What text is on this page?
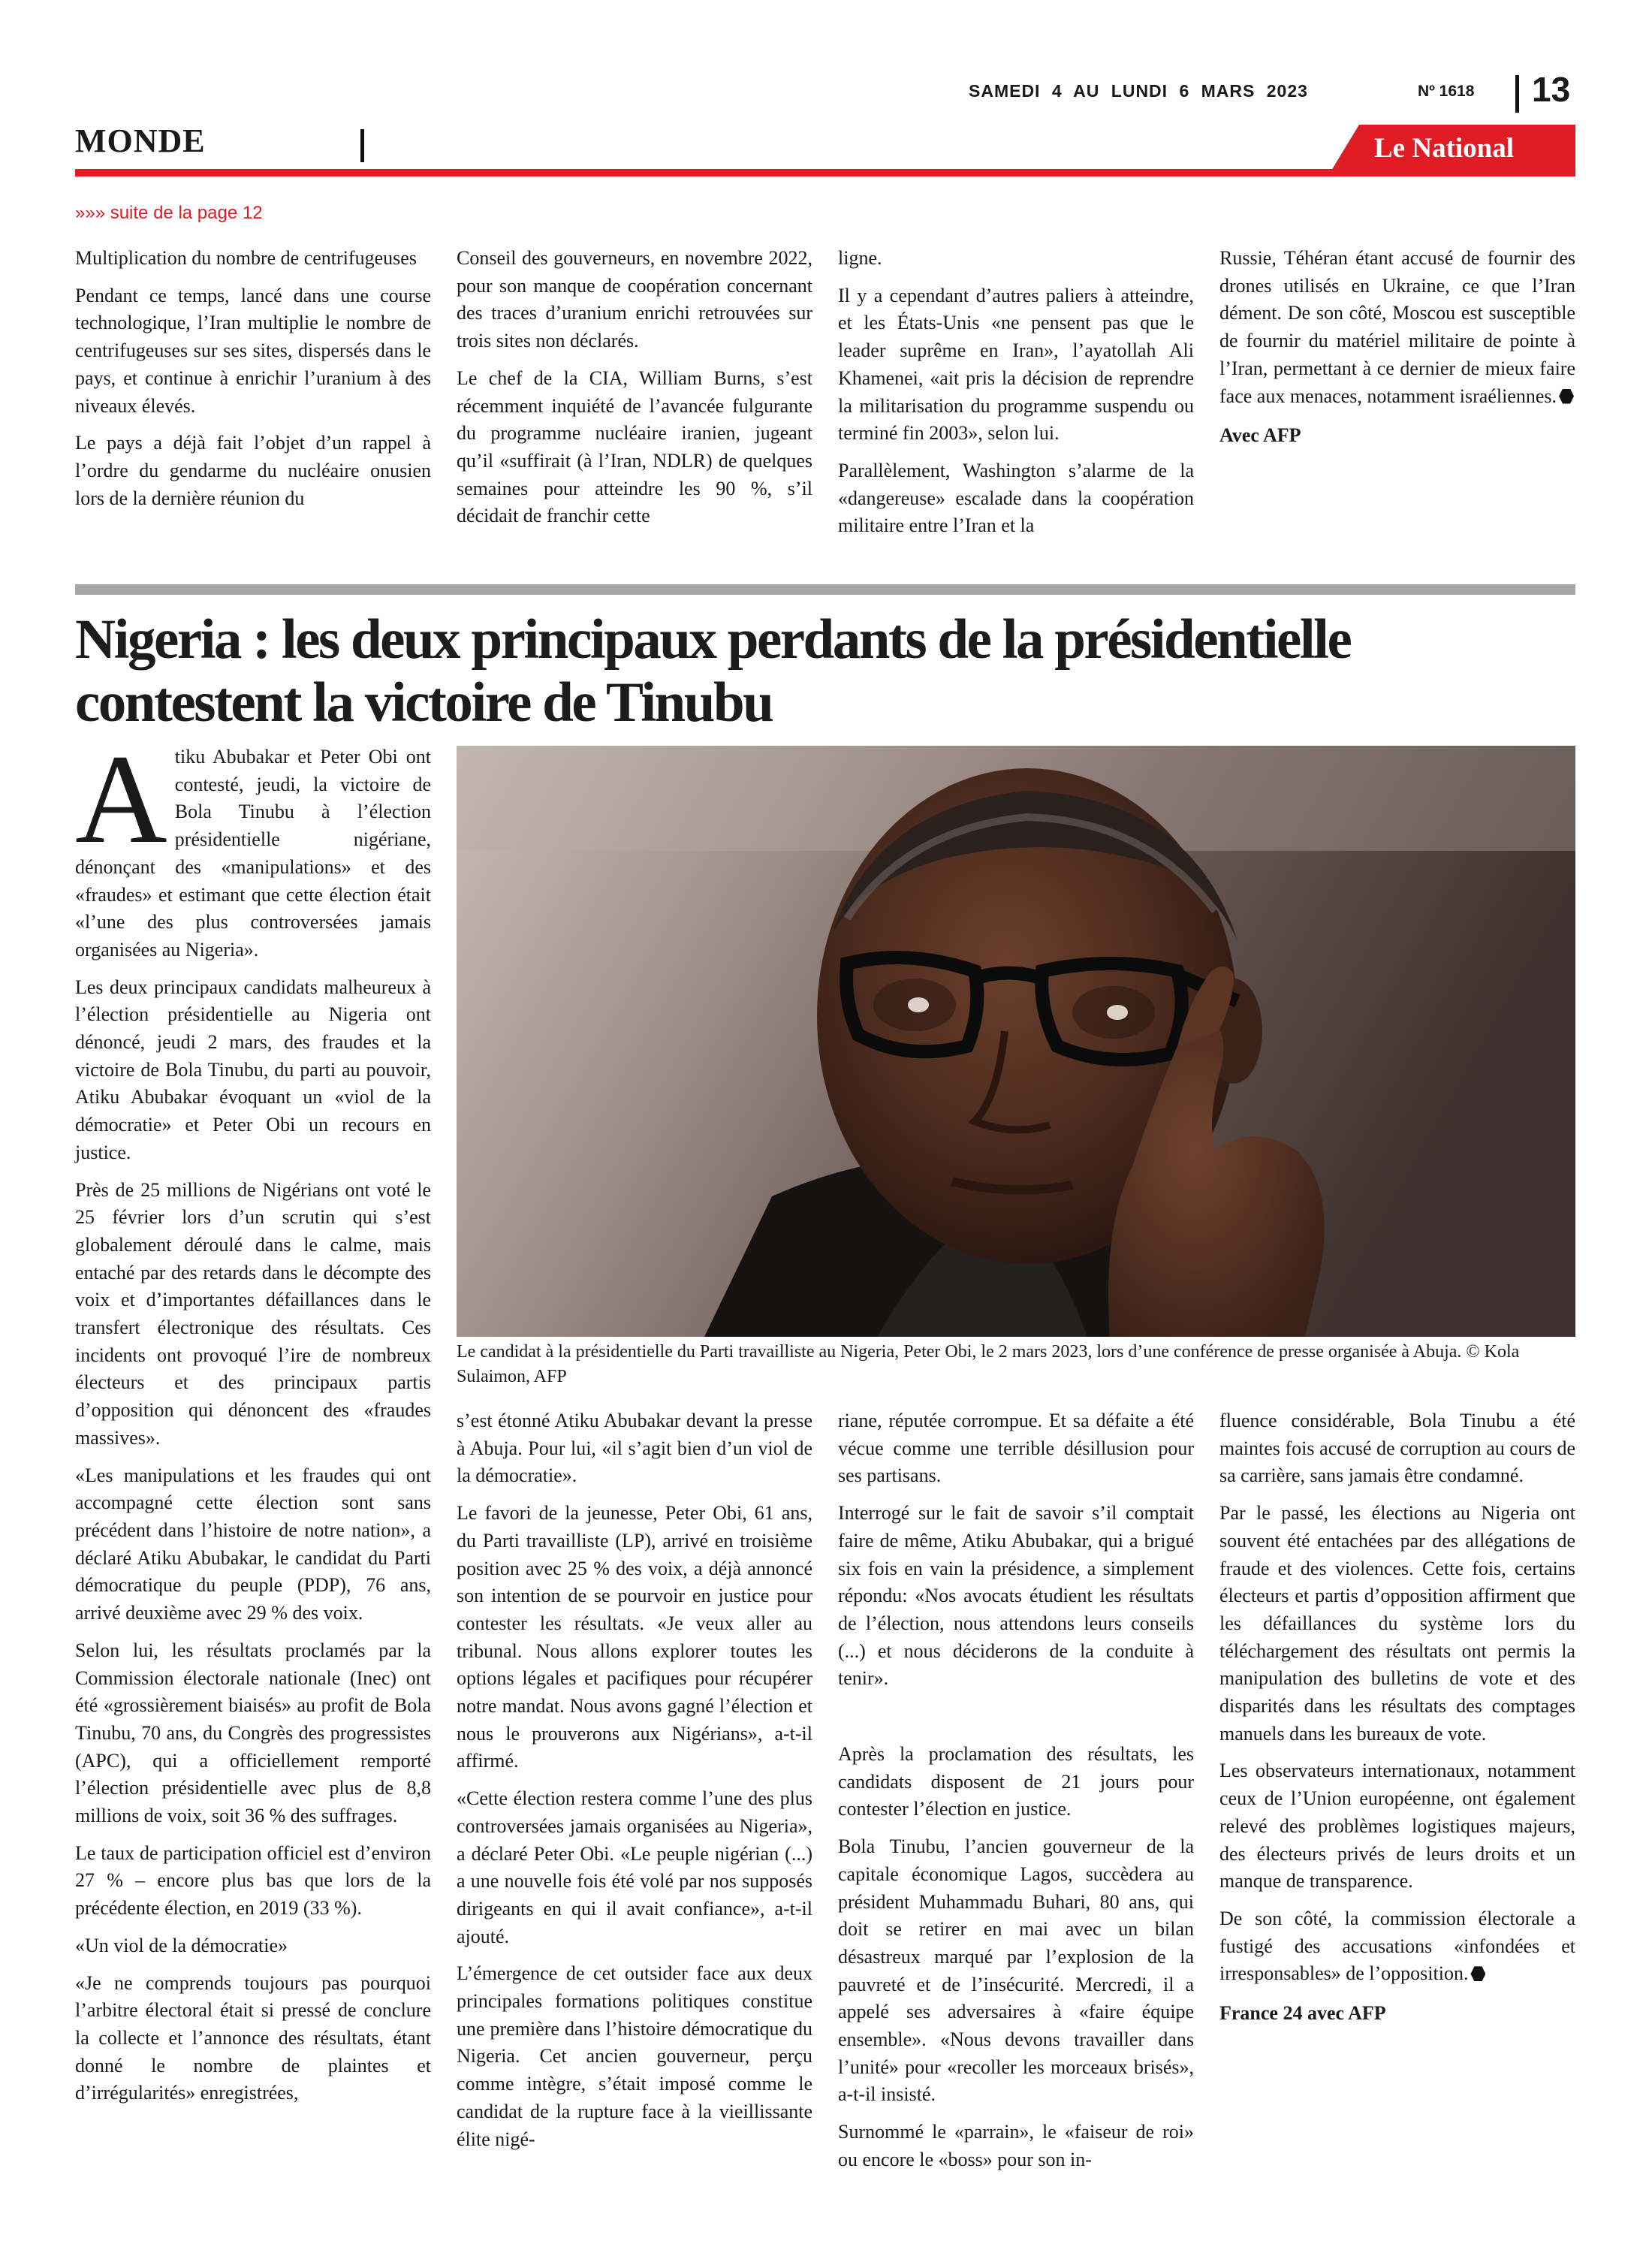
SAMEDI 4 AU LUNDI 6 MARS 2023	Nº 1618 13
MONDE	Le National
»»» suite de la page 12

Multiplication du nombre de centrifugeuses

Pendant ce temps, lancé dans une course technologique, l’Iran multiplie le nombre de centrifugeuses sur ses sites, dispersés dans le pays, et continue à enrichir l’uranium à des niveaux élevés.

Le pays a déjà fait l’objet d’un rappel à l’ordre du gendarme du nucléaire onusien lors de la dernière réunion du

Conseil des gouverneurs, en novembre 2022, pour son manque de coopération concernant des traces d’uranium enrichi retrouvées sur trois sites non déclarés.

Le chef de la CIA, William Burns, s’est récemment inquiété de l’avancée fulgurante du programme nucléaire iranien, jugeant qu’il «suffirait (à l’Iran, NDLR) de quelques semaines pour atteindre les 90 %, s’il décidait de franchir cette

ligne.

Il y a cependant d’autres paliers à atteindre, et les États-Unis «ne pensent pas que le leader suprême en Iran», l’ayatollah Ali Khamenei, «ait pris la décision de reprendre la militarisation du programme suspendu ou terminé fin 2003», selon lui.

Parallèlement, Washington s’alarme de la «dangereuse» escalade dans la coopération militaire entre l’Iran et la

Russie, Téhéran étant accusé de fournir des drones utilisés en Ukraine, ce que l’Iran dément. De son côté, Moscou est susceptible de fournir du matériel militaire de pointe à l’Iran, permettant à ce dernier de mieux faire face aux menaces, notamment israéliennes.

Avec AFP

Nigeria : les deux principaux perdants de la présidentielle contestent la victoire de Tinubu

Atiku Abubakar et Peter Obi ont contesté, jeudi, la victoire de Bola Tinubu à l’élection présidentielle nigériane, dénonçant des «manipulations» et des «fraudes» et estimant que cette élection était «l’une des plus controversées jamais organisées au Nigeria».

Les deux principaux candidats malheureux à l’élection présidentielle au Nigeria ont dénoncé, jeudi 2 mars, des fraudes et la victoire de Bola Tinubu, du parti au pouvoir, Atiku Abubakar évoquant un «viol de la démocratie» et Peter Obi un recours en justice.

Près de 25 millions de Nigérians ont voté le 25 février lors d’un scrutin qui s’est globalement déroulé dans le calme, mais entaché par des retards dans le décompte des voix et d’importantes défaillances dans le transfert électronique des résultats. Ces incidents ont provoqué l’ire de nombreux électeurs et des principaux partis d’opposition qui dénoncent des «fraudes massives».

«Les manipulations et les fraudes qui ont accompagné cette élection sont sans précédent dans l’histoire de notre nation», a déclaré Atiku Abubakar, le candidat du Parti démocratique du peuple (PDP), 76 ans, arrivé deuxième avec 29 % des voix.

Selon lui, les résultats proclamés par la Commission électorale nationale (Inec) ont été «grossièrement biaisés» au profit de Bola Tinubu, 70 ans, du Congrès des progressistes (APC), qui a officiellement remporté l’élection présidentielle avec plus de 8,8 millions de voix, soit 36 % des suffrages.

Le taux de participation officiel est d’environ 27 % – encore plus bas que lors de la précédente élection, en 2019 (33 %).

«Un viol de la démocratie»

«Je ne comprends toujours pas pourquoi l’arbitre électoral était si pressé de conclure la collecte et l’annonce des résultats, étant donné le nombre de plaintes et d’irrégularités» enregistrées,

Le candidat à la présidentielle du Parti travailliste au Nigeria, Peter Obi, le 2 mars 2023, lors d’une conférence de presse organisée à Abuja. © Kola Sulaimon, AFP

s’est étonné Atiku Abubakar devant la presse à Abuja. Pour lui, «il s’agit bien d’un viol de la démocratie».

Le favori de la jeunesse, Peter Obi, 61 ans, du Parti travailliste (LP), arrivé en troisième position avec 25 % des voix, a déjà annoncé son intention de se pourvoir en justice pour contester les résultats. «Je veux aller au tribunal. Nous allons explorer toutes les options légales et pacifiques pour récupérer notre mandat. Nous avons gagné l’élection et nous le prouverons aux Nigérians», a-t-il affirmé.

«Cette élection restera comme l’une des plus controversées jamais organisées au Nigeria», a déclaré Peter Obi. «Le peuple nigérian (...) a une nouvelle fois été volé par nos supposés dirigeants en qui il avait confiance», a-t-il ajouté.

L’émergence de cet outsider face aux deux principales formations politiques constitue une première dans l’histoire démocratique du Nigeria. Cet ancien gouverneur, perçu comme intègre, s’était imposé comme le candidat de la rupture face à la vieillissante élite nigé-

riane, réputée corrompue. Et sa défaite a été vécue comme une terrible désillusion pour ses partisans.

Interrogé sur le fait de savoir s’il comptait faire de même, Atiku Abubakar, qui a brigué six fois en vain la présidence, a simplement répondu: «Nos avocats étudient les résultats de l’élection, nous attendons leurs conseils (...) et nous déciderons de la conduite à tenir».

Après la proclamation des résultats, les candidats disposent de 21 jours pour contester l’élection en justice.

Bola Tinubu, l’ancien gouverneur de la capitale économique Lagos, succèdera au président Muhammadu Buhari, 80 ans, qui doit se retirer en mai avec un bilan désastreux marqué par l’explosion de la pauvreté et de l’insécurité. Mercredi, il a appelé ses adversaires à «faire équipe ensemble». «Nous devons travailler dans l’unité» pour «recoller les morceaux brisés», a-t-il insisté.

Surnommé le «parrain», le «faiseur de roi» ou encore le «boss» pour son in-

fluence considérable, Bola Tinubu a été maintes fois accusé de corruption au cours de sa carrière, sans jamais être condamné.

Par le passé, les élections au Nigeria ont souvent été entachées par des allégations de fraude et des violences. Cette fois, certains électeurs et partis d’opposition affirment que les défaillances du système lors du téléchargement des résultats ont permis la manipulation des bulletins de vote et des disparités dans les résultats des comptages manuels dans les bureaux de vote.

Les observateurs internationaux, notamment ceux de l’Union européenne, ont également relevé des problèmes logistiques majeurs, des électeurs privés de leurs droits et un manque de transparence.

De son côté, la commission électorale a fustigé des accusations «infondées et irresponsables» de l’opposition.

France 24 avec AFP
